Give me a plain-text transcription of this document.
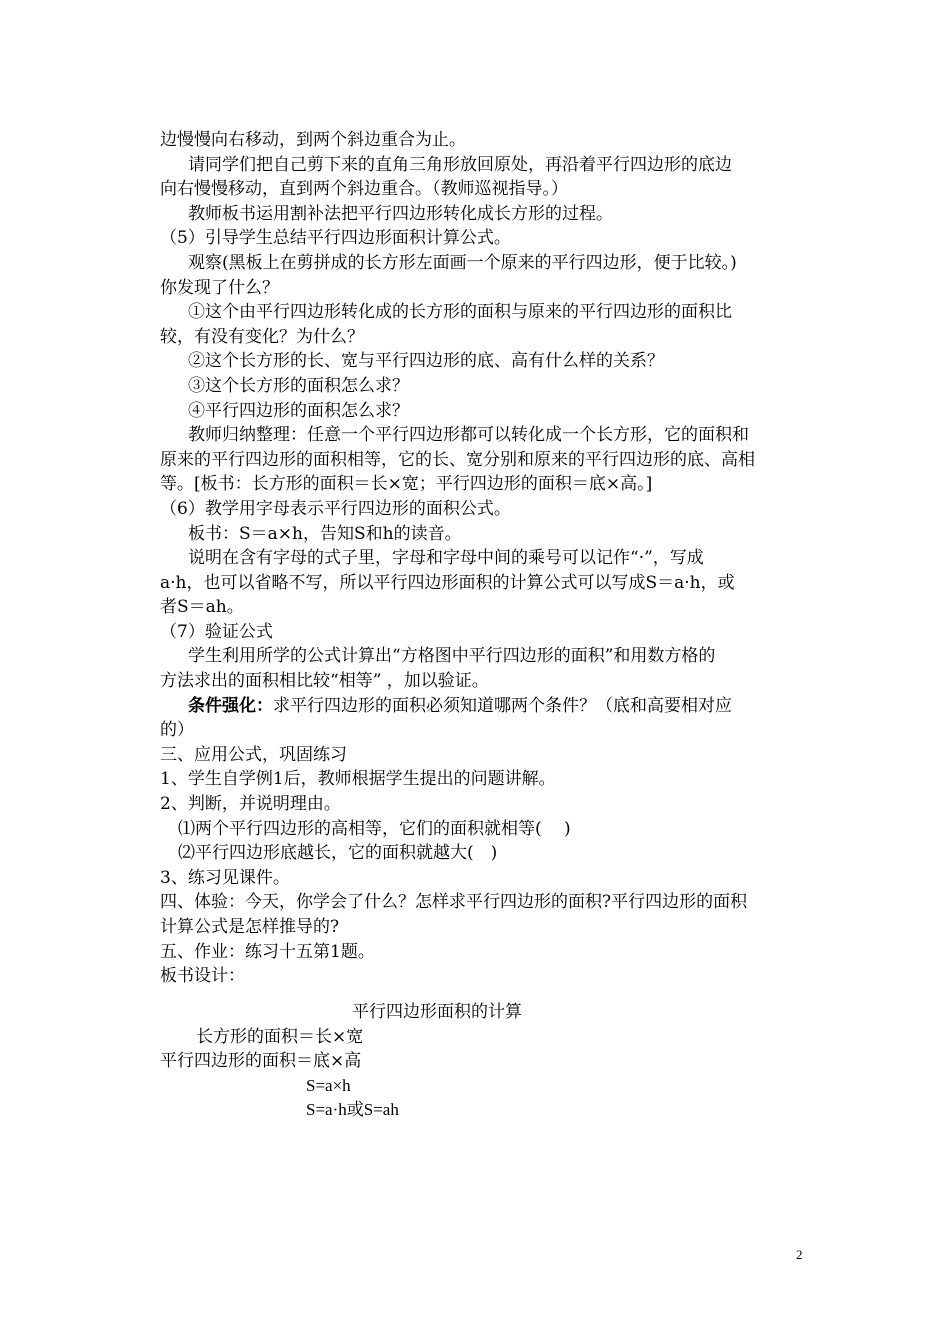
边慢慢向右移动，到两个斜边重合为止。

请同学们把自己剪下来的直角三角形放回原处，再沿着平行四边形的底边

向右慢慢移动，直到两个斜边重合。（教师巡视指导。）

教师板书运用割补法把平行四边形转化成长方形的过程。

（5）引导学生总结平行四边形面积计算公式。

观察(黑板上在剪拼成的长方形左面画一个原来的平行四边形，便于比较。)

你发现了什么？

①这个由平行四边形转化成的长方形的面积与原来的平行四边形的面积比

较，有没有变化？为什么？

②这个长方形的长、宽与平行四边形的底、高有什么样的关系？

③这个长方形的面积怎么求？

④平行四边形的面积怎么求？

教师归纳整理：任意一个平行四边形都可以转化成一个长方形，它的面积和

原来的平行四边形的面积相等，它的长、宽分别和原来的平行四边形的底、高相

等。[板书：长方形的面积＝长×宽；平行四边形的面积＝底×高。]

（6）教学用字母表示平行四边形的面积公式。

板书：S＝a×h，告知S和h的读音。

说明在含有字母的式子里，字母和字母中间的乘号可以记作“·”，写成

a·h，也可以省略不写，所以平行四边形面积的计算公式可以写成S＝a·h，或

者S＝ah。

（7）验证公式

学生利用所学的公式计算出“方格图中平行四边形的面积”和用数方格的

方法求出的面积相比较“相等” ，加以验证。

条件强化：求平行四边形的面积必须知道哪两个条件？（底和高要相对应

的）

三、应用公式，巩固练习

1、学生自学例1后，教师根据学生提出的问题讲解。

2、判断，并说明理由。

⑴两个平行四边形的高相等，它们的面积就相等(　 )

⑵平行四边形底越长，它的面积就越大(　)

3、练习见课件。

四、体验：今天，你学会了什么？怎样求平行四边形的面积?平行四边形的面积

计算公式是怎样推导的?

五、作业：练习十五第1题。

板书设计：

平行四边形面积的计算

长方形的面积＝长×宽

平行四边形的面积＝底×高

S=a×h

S=a·h或S=ah

2
